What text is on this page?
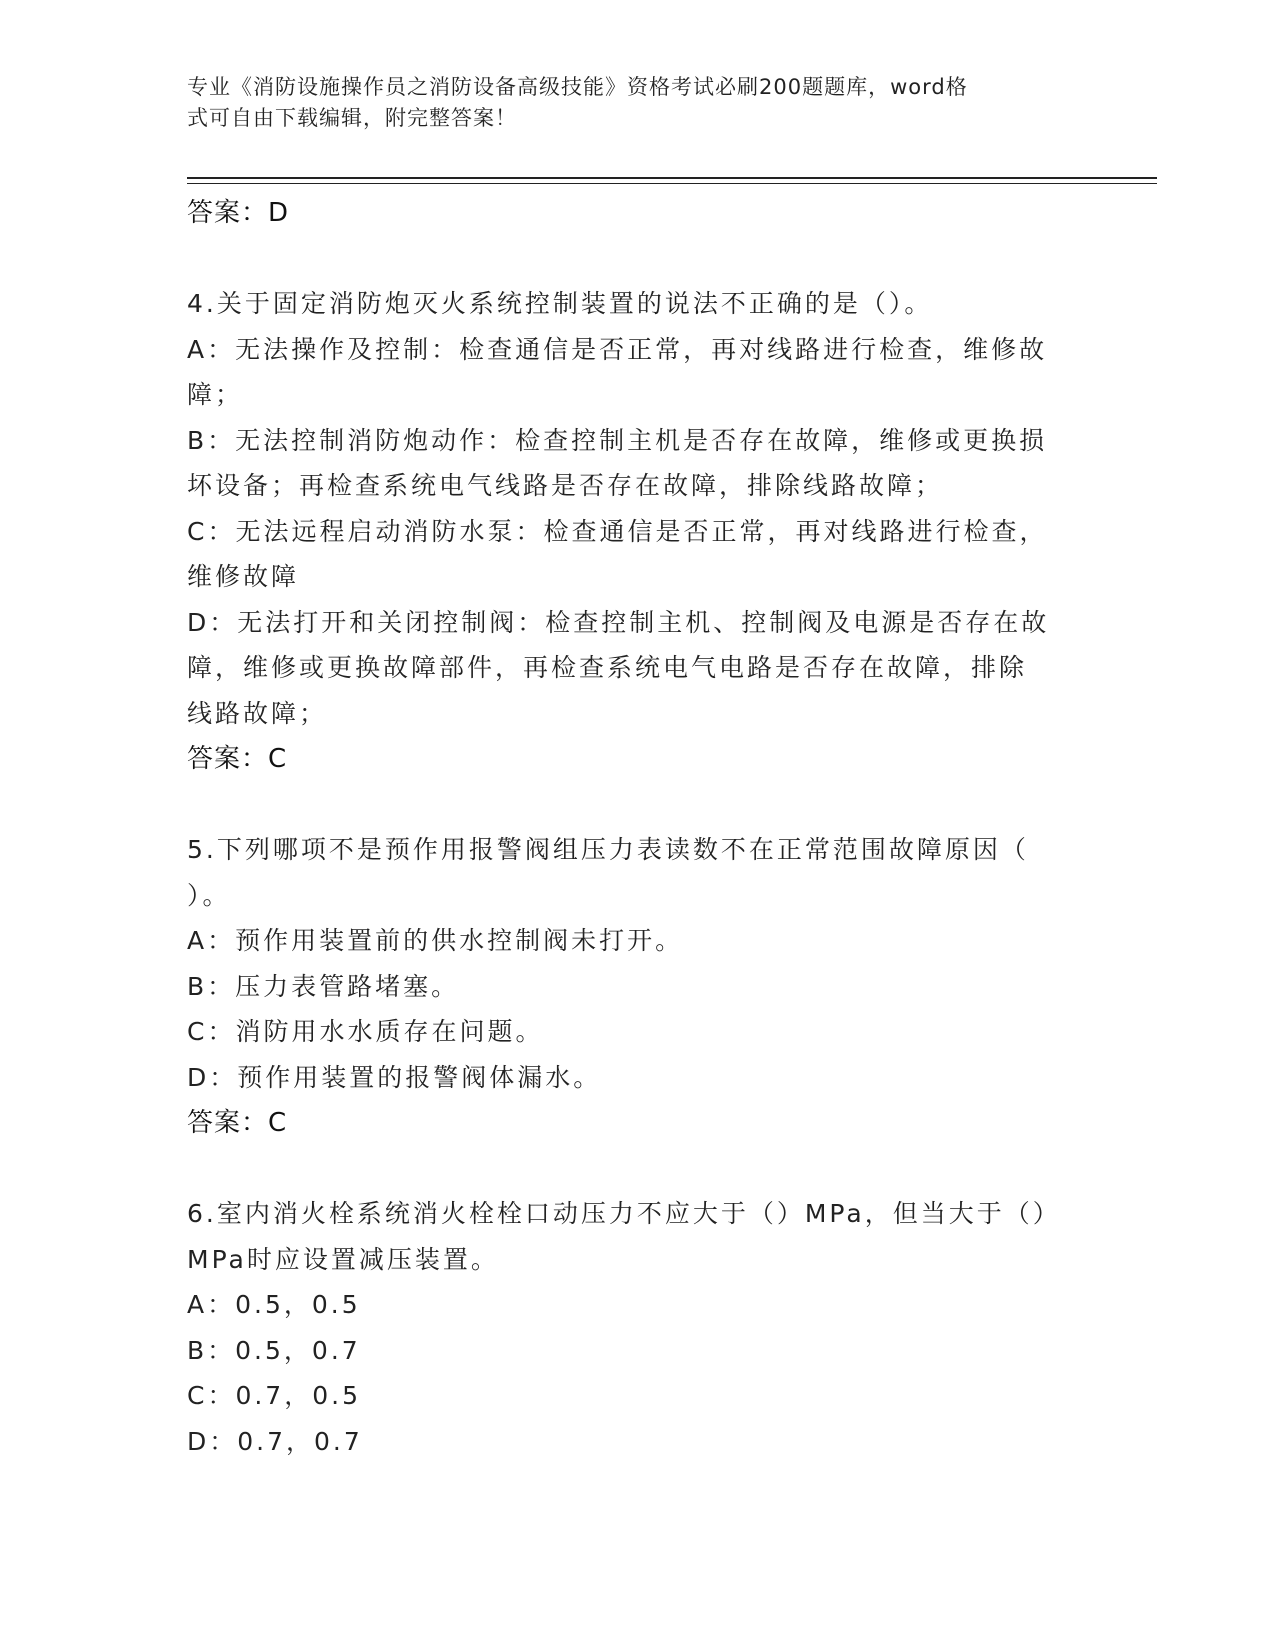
专业《消防设施操作员之消防设备高级技能》资格考试必刷200题题库，word格
式可自由下载编辑，附完整答案！
答案：D
4.关于固定消防炮灭火系统控制装置的说法不正确的是（）。
A：无法操作及控制：检查通信是否正常，再对线路进行检查，维修故
障；
B：无法控制消防炮动作：检查控制主机是否存在故障，维修或更换损
坏设备；再检查系统电气线路是否存在故障，排除线路故障；
C：无法远程启动消防水泵：检查通信是否正常，再对线路进行检查，
维修故障
D：无法打开和关闭控制阀：检查控制主机、控制阀及电源是否存在故
障，维修或更换故障部件，再检查系统电气电路是否存在故障，排除
线路故障；
答案：C
5.下列哪项不是预作用报警阀组压力表读数不在正常范围故障原因（
）。
A：预作用装置前的供水控制阀未打开。
B：压力表管路堵塞。
C：消防用水水质存在问题。
D：预作用装置的报警阀体漏水。
答案：C
6.室内消火栓系统消火栓栓口动压力不应大于（）MPa，但当大于（）
MPa时应设置减压装置。
A：0.5，0.5
B：0.5，0.7
C：0.7，0.5
D：0.7，0.7
